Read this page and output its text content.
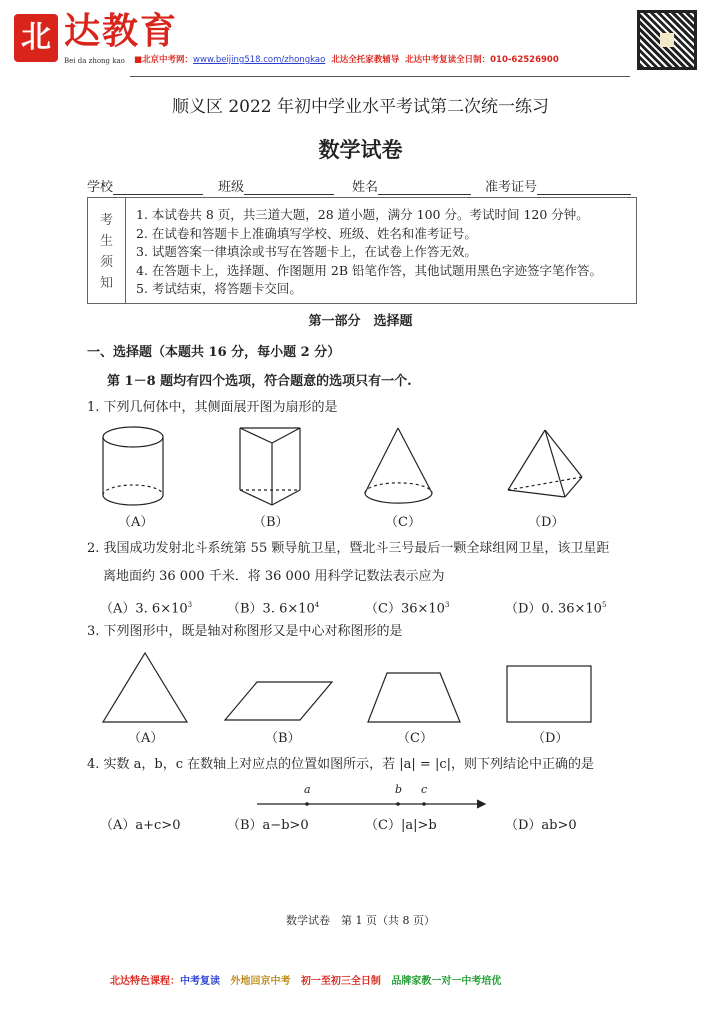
北 达教育
Bei da zhong kao ■北京中考网：www.beijing518.com/zhongkao 北达全托家教辅导 北达中考复读全日制：010-62526900
顺义区 2022 年初中学业水平考试第二次统一练习
数学试卷
学校	班级	姓名	准考证号
考生须知
1. 本试卷共 8 页，共三道大题，28 道小题，满分 100 分。考试时间 120 分钟。
2. 在试卷和答题卡上准确填写学校、班级、姓名和准考证号。
3. 试题答案一律填涂或书写在答题卡上，在试卷上作答无效。
4. 在答题卡上，选择题、作图题用 2B 铅笔作答，其他试题用黑色字迹签字笔作答。
5. 考试结束，将答题卡交回。
第一部分　选择题
一、选择题（本题共 16 分，每小题 2 分）
第 1－8 题均有四个选项，符合题意的选项只有一个.
1. 下列几何体中，其侧面展开图为扇形的是
（A）	（B）	（C）	（D）
2. 我国成功发射北斗系统第 55 颗导航卫星，暨北斗三号最后一颗全球组网卫星，该卫星距
离地面约 36 000 千米．将 36 000 用科学记数法表示应为
（A）3. $6\times 10^3$	（B）3. $6\times 10^4$	$(C)36\times 10^3$	（D）0. $36\times 10^5$
3. 下列图形中，既是轴对称图形又是中心对称图形的是
（A）	（B）	（C）	（D）
4. 实数 a，b，c 在数轴上对应点的位置如图所示，若 |a| = |c|，则下列结论中正确的是
a	b c
（A）a+c>0	（B）a−b>0	（C）|a|>b	（D）ab>0
数学试卷　第 1 页（共 8 页）
北达特色课程：中考复读 外地回京中考 初一至初三全日制 品牌家教一对一中考培优
